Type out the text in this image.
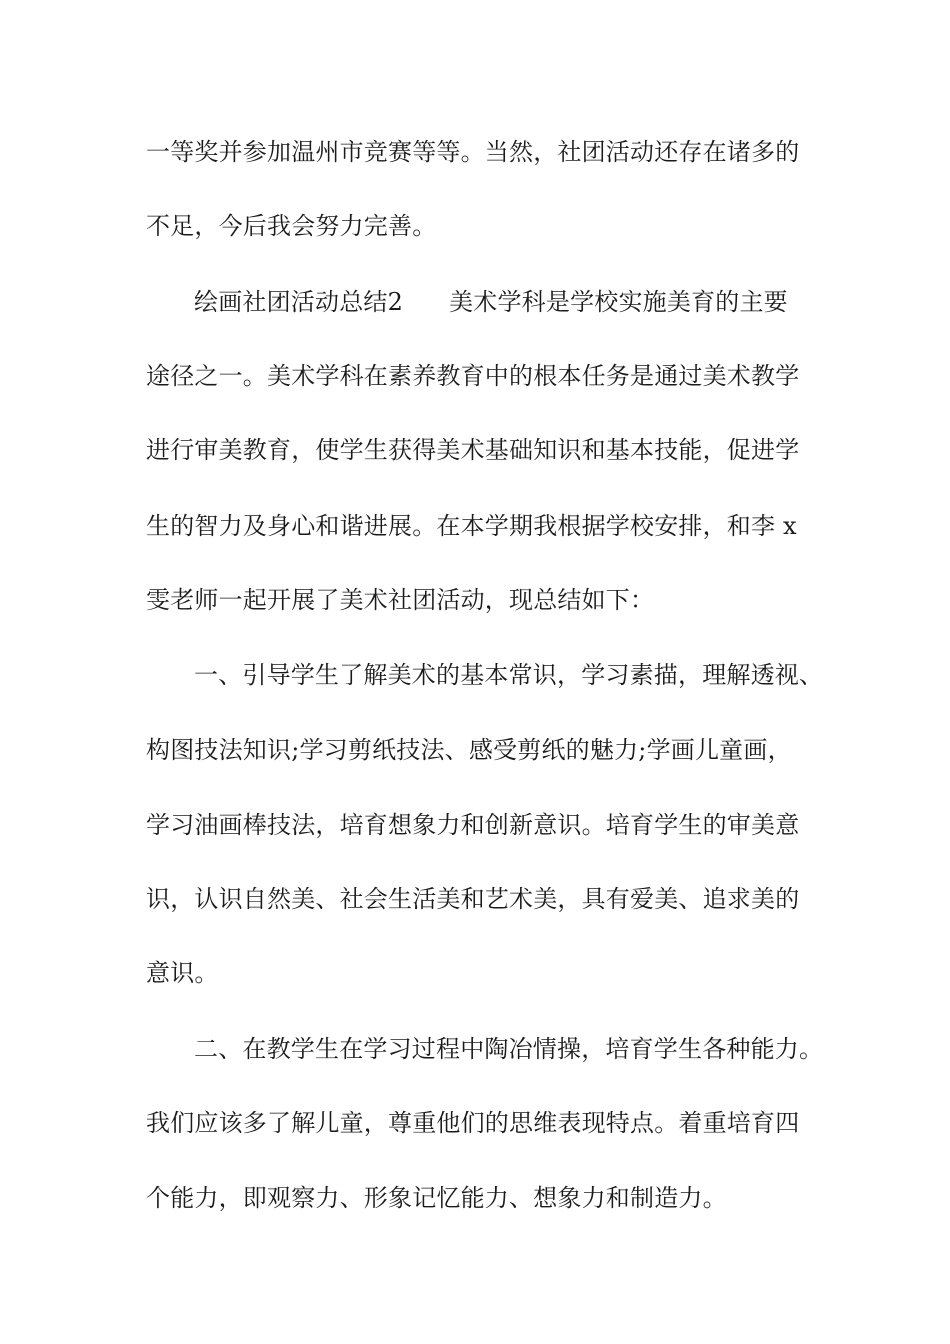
一等奖并参加温州市竞赛等等。当然，社团活动还存在诸多的
不足，今后我会努力完善。
绘画社团活动总结2 美术学科是学校实施美育的主要
途径之一。美术学科在素养教育中的根本任务是通过美术教学
进行审美教育，使学生获得美术基础知识和基本技能，促进学
生的智力及身心和谐进展。在本学期我根据学校安排，和李 x
雯老师一起开展了美术社团活动，现总结如下：
一、引导学生了解美术的基本常识，学习素描，理解透视、
构图技法知识;学习剪纸技法、感受剪纸的魅力;学画儿童画，
学习油画棒技法，培育想象力和创新意识。培育学生的审美意
识，认识自然美、社会生活美和艺术美，具有爱美、追求美的
意识。
二、在教学生在学习过程中陶冶情操，培育学生各种能力。
我们应该多了解儿童，尊重他们的思维表现特点。着重培育四
个能力，即观察力、形象记忆能力、想象力和制造力。
